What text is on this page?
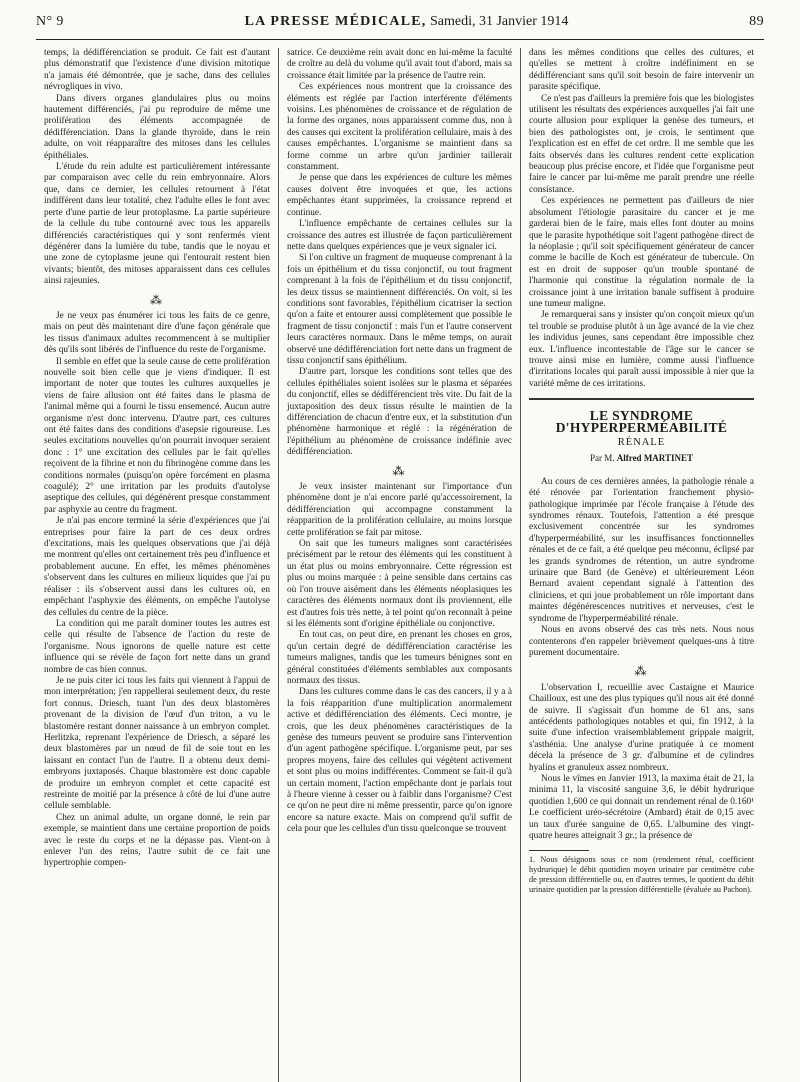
N° 9	LA PRESSE MÉDICALE, Samedi, 31 Janvier 1914	89

temps, la dédifférenciation se produit. Ce fait est d'autant plus démonstratif que l'existence d'une division mitotique n'a jamais été démontrée, que je sache, dans des cellules névrogliques in vivo.

Dans divers organes glandulaires plus ou moins hautement différenciés, j'ai pu reproduire de même une prolifération des éléments accompagnée de dédifférenciation. Dans la glande thyroïde, dans le rein adulte, on voit réapparaître des mitoses dans les cellules épithéliales.

L'étude du rein adulte est particulièrement intéressante par comparaison avec celle du rein embryonnaire. Alors que, dans ce dernier, les cellules retournent à l'état indifférent dans leur totalité, chez l'adulte elles le font avec perte d'une partie de leur protoplasme. La partie supérieure de la cellule du tube contourné avec tous les appareils différenciés caractéristiques qui y sont renfermés vient dégénérer dans la lumière du tube, tandis que le noyau et une zone de cytoplasme jeune qui l'entourait restent bien vivants; bientôt, des mitoses apparaissent dans ces cellules ainsi rajeunies.

⁂

Je ne veux pas énumérer ici tous les faits de ce genre, mais on peut dès maintenant dire d'une façon générale que les tissus d'animaux adultes recommencent à se multiplier dès qu'ils sont libérés de l'influence du reste de l'organisme.

Il semble en effet que la seule cause de cette prolifération nouvelle soit bien celle que je viens d'indiquer. Il est important de noter que toutes les cultures auxquelles je viens de faire allusion ont été faites dans le plasma de l'animal même qui a fourni le tissu ensemencé. Aucun autre organisme n'est donc intervenu. D'autre part, ces cultures ont été faites dans des conditions d'asepsie rigoureuse. Les seules excitations nouvelles qu'on pourrait invoquer seraient donc : 1° une excitation des cellules par le fait qu'elles reçoivent de la fibrine et non du fibrinogène comme dans les conditions normales (puisqu'on opère forcément en plasma coagulé); 2° une irritation par les produits d'autolyse aseptique des cellules, qui dégénèrent presque constamment par asphyxie au centre du fragment.

Je n'ai pas encore terminé la série d'expériences que j'ai entreprises pour faire la part de ces deux ordres d'excitations, mais les quelques observations que j'ai déjà me montrent qu'elles ont certainement très peu d'influence et probablement aucune. En effet, les mêmes phénomènes s'observent dans les cultures en milieux liquides que j'ai pu réaliser : ils s'observent aussi dans les cultures où, en empêchant l'asphyxie des éléments, on empêche l'autolyse des cellules du centre de la pièce.

La condition qui me paraît dominer toutes les autres est celle qui résulte de l'absence de l'action du reste de l'organisme. Nous ignorons de quelle nature est cette influence qui se révèle de façon fort nette dans un grand nombre de cas bien connus.

Je ne puis citer ici tous les faits qui viennent à l'appui de mon interprétation; j'en rappellerai seulement deux, du reste fort connus. Driesch, tuant l'un des deux blastomères provenant de la division de l'œuf d'un triton, a vu le blastomère restant donner naissance à un embryon complet. Herlitzka, reprenant l'expérience de Driesch, a séparé les deux blastomères par un nœud de fil de soie tout en les laissant en contact l'un de l'autre. Il a obtenu deux demi-embryons juxtaposés. Chaque blastomère est donc capable de produire un embryon complet et cette capacité est restreinte de moitié par la présence à côté de lui d'une autre cellule semblable.

Chez un animal adulte, un organe donné, le rein par exemple, se maintient dans une certaine proportion de poids avec le reste du corps et ne la dépasse pas. Vient-on à enlever l'un des reins, l'autre subit de ce fait une hypertrophie compen-

satrice. Ce deuxième rein avait donc en lui-même la faculté de croître au delà du volume qu'il avait tout d'abord, mais sa croissance était limitée par la présence de l'autre rein.

Ces expériences nous montrent que la croissance des éléments est réglée par l'action interférente d'éléments voisins. Les phénomènes de croissance et de régulation de la forme des organes, nous apparaissent comme dus, non à des causes qui excitent la prolifération cellulaire, mais à des causes empêchantes. L'organisme se maintient dans sa forme comme un arbre qu'un jardinier taillerait constamment.

Je pense que dans les expériences de culture les mêmes causes doivent être invoquées et que, les actions empêchantes étant supprimées, la croissance reprend et continue.

L'influence empêchante de certaines cellules sur la croissance des autres est illustrée de façon particulièrement nette dans quelques expériences que je veux signaler ici.

Si l'on cultive un fragment de muqueuse comprenant à la fois un épithélium et du tissu conjonctif, ou tout fragment comprenant à la fois de l'épithélium et du tissu conjonctif, les deux tissus se maintiennent différenciés. On voit, si les conditions sont favorables, l'épithélium cicatriser la section qu'on a faite et entourer aussi complètement que possible le fragment de tissu conjonctif : mais l'un et l'autre conservent leurs caractères normaux. Dans le même temps, on aurait observé une dédifférenciation fort nette dans un fragment de tissu conjonctif sans épithélium.

D'autre part, lorsque les conditions sont telles que des cellules épithéliales soient isolées sur le plasma et séparées du conjonctif, elles se dédifférencient très vite. Du fait de la juxtaposition des deux tissus résulte le maintien de la différenciation de chacun d'entre eux, et la substitution d'un phénomène harmonique et réglé : la régénération de l'épithélium au phénomène de croissance indéfinie avec dédifférenciation.

⁂

Je veux insister maintenant sur l'importance d'un phénomène dont je n'ai encore parlé qu'accessoirement, la dédifférenciation qui accompagne constamment la réapparition de la prolifération cellulaire, au moins lorsque cette prolifération se fait par mitose.

On sait que les tumeurs malignes sont caractérisées précisément par le retour des éléments qui les constituent à un état plus ou moins embryonnaire. Cette régression est plus ou moins marquée : à peine sensible dans certains cas où l'on trouve aisément dans les éléments néoplasiques les caractères des éléments normaux dont ils proviennent, elle est d'autres fois très nette, à tel point qu'on reconnaît à peine si les éléments sont d'origine épithéliale ou conjonctive.

En tout cas, on peut dire, en prenant les choses en gros, qu'un certain degré de dédifférenciation caractérise les tumeurs malignes, tandis que les tumeurs bénignes sont en général constituées d'éléments semblables aux composants normaux des tissus.

Dans les cultures comme dans le cas des cancers, il y a à la fois réapparition d'une multiplication anormalement active et dédifférenciation des éléments. Ceci montre, je crois, que les deux phénomènes caractéristiques de la genèse des tumeurs peuvent se produire sans l'intervention d'un agent pathogène spécifique. L'organisme peut, par ses propres moyens, faire des cellules qui végètent activement et sont plus ou moins indifférentes. Comment se fait-il qu'à un certain moment, l'action empêchante dont je parlais tout à l'heure vienne à cesser ou à faiblir dans l'organisme? C'est ce qu'on ne peut dire ni même pressentir, parce qu'on ignore encore sa nature exacte. Mais on comprend qu'il suffit de cela pour que les cellules d'un tissu quelconque se trouvent

dans les mêmes conditions que celles des cultures, et qu'elles se mettent à croître indéfiniment en se dédifférenciant sans qu'il soit besoin de faire intervenir un parasite spécifique.

Ce n'est pas d'ailleurs la première fois que les biologistes utilisent les résultats des expériences auxquelles j'ai fait une courte allusion pour expliquer la genèse des tumeurs, et bien des pathologistes ont, je crois, le sentiment que l'explication est en effet de cet ordre. Il me semble que les faits observés dans les cultures rendent cette explication beaucoup plus précise encore, et l'idée que l'organisme peut faire le cancer par lui-même me paraît prendre une réelle consistance.

Ces expériences ne permettent pas d'ailleurs de nier absolument l'étiologie parasitaire du cancer et je me garderai bien de le faire, mais elles font douter au moins que le parasite hypothétique soit l'agent pathogène direct de la néoplasie ; qu'il soit spécifiquement générateur de cancer comme le bacille de Koch est générateur de tubercule. On est en droit de supposer qu'un trouble spontané de l'harmonie qui constitue la régulation normale de la croissance joint à une irritation banale suffisent à produire une tumeur maligne.

Je remarquerai sans y insister qu'on conçoit mieux qu'un tel trouble se produise plutôt à un âge avancé de la vie chez les individus jeunes, sans cependant être impossible chez eux. L'influence incontestable de l'âge sur le cancer se trouve ainsi mise en lumière, comme aussi l'influence d'irritations locales qui paraît aussi impossible à nier que la variété même de ces irritations.

LE SYNDROME D'HYPERPERMÉABILITÉ
RÉNALE
Par M. Alfred MARTINET

Au cours de ces dernières années, la pathologie rénale a été rénovée par l'orientation franchement physio-pathologique imprimée par l'école française à l'étude des syndromes rénaux. Toutefois, l'attention a été presque exclusivement concentrée sur les syndromes d'hyperperméabilité, sur les insuffisances fonctionnelles rénales et de ce fait, a été quelque peu méconnu, éclipsé par les grands syndromes de rétention, un autre syndrome urinaire que Bard (de Genève) et ultérieurement Léon Bernard avaient cependant signalé à l'attention des cliniciens, et qui joue probablement un rôle important dans maintes dégénérescences nutritives et nerveuses, c'est le syndrome de l'hyperperméabilité rénale.

Nous en avons observé des cas très nets. Nous nous contenterons d'en rappeler brièvement quelques-uns à titre purement documentaire.

⁂

L'observation I, recueillie avec Castaigne et Maurice Chailloux, est une des plus typiques qu'il nous ait été donné de suivre. Il s'agissait d'un homme de 61 ans, sans antécédents pathologiques notables et qui, fin 1912, à la suite d'une infection vraisemblablement grippale maigrit, s'asthénia. Une analyse d'urine pratiquée à ce moment décela la présence de 3 gr. d'albumine et de cylindres hyalins et granuleux assez nombreux.

Nous le vîmes en Janvier 1913, la maxima était de 21, la minima 11, la viscosité sanguine 3,6, le débit hydrurique quotidien 1,600 ce qui donnait un rendement rénal de 0.160¹ Le coefficient uréo-sécrétoire (Ambard) était de 0,15 avec un taux d'urée sanguine de 0,65. L'albumine des vingt-quatre heures atteignait 3 gr.; la présence de

1. Nous désignons sous ce nom (rendement rénal, coefficient hydrurique) le débit quotidien moyen urinaire par centimètre cube de pression différentielle ou, en d'autres termes, le quotient du débit urinaire quotidien par la pression différentielle (évaluée au Pachon).
